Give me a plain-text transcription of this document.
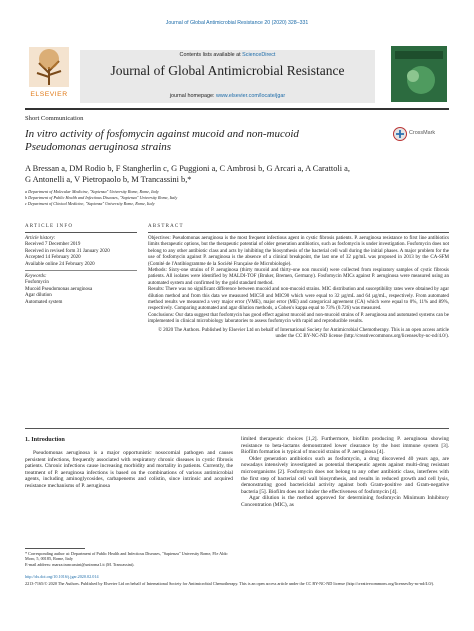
Journal of Global Antimicrobial Resistance 20 (2020) 328–331
Contents lists available at ScienceDirect
Journal of Global Antimicrobial Resistance
journal homepage: www.elsevier.com/locate/jgar
ELSEVIER
Short Communication
In vitro activity of fosfomycin against mucoid and non-mucoid Pseudomonas aeruginosa strains
CrossMark
A Bressan a, DM Rodio b, F Stangherlin c, G Puggioni a, C Ambrosi b, G Arcari a, A Carattoli a,
G Antonelli a, V Pietropaolo b, M Trancassini b,*
a Department of Molecular Medicine, "Sapienza" University Rome, Rome, Italy
b Department of Public Health and Infectious Diseases, "Sapienza" University Rome, Italy
c Department of Clinical Medicine, "Sapienza" University Rome, Rome, Italy
ARTICLE INFO	ABSTRACT
Article history:
Received 7 December 2019
Received in revised form 31 January 2020
Accepted 14 February 2020
Available online 24 February 2020
Keywords:
Fosfomycin
Mucoid Pseudomonas aeruginosa
Agar dilution
Automated system

Objectives: Pseudomonas aeruginosa is the most frequent infectious agent in cystic fibrosis patients. P. aeruginosa resistance to first line antibiotics limits therapeutic options, but the therapeutic potential of older generation antibiotics, such as fosfomycin is under investigation. Fosfomycin does not belong to any other antibiotic class and acts by inhibiting the biosynthesis of the bacterial cell wall during the initial phases. A major problem for the use of fosfomycin against P. aeruginosa is the absence of a clinical breakpoint, the last one of 32 µg/mL was proposed in 2013 by the CA-SFM (Comité de l'Antibiogramme de la Société Française de Microbiologie).

Methods: Sixty-one strains of P. aeruginosa (thirty mucoid and thirty-one non mucoid) were collected from respiratory samples of cystic fibrosis patients. All isolates were identified by MALDI-TOF (Bruker, Bremen, Germany). Fosfomycin MICs against P. aeruginosa were measured using an automated system and confirmed by the gold standard method.

Results: There was no significant difference between mucoid and non-mucoid strains. MIC distribution and susceptibility rates were obtained by agar dilution method and from this data we measured MIC50 and MIC90 which were equal to 32 µg/mL and 64 µg/mL, respectively. From automated method results we measured a very major error (VME), major error (ME) and categorical agreement (CA) which were equal to 0%, 11% and 89%, respectively. Comparing automated and agar dilution methods, a Cohen's kappa equal to 73% (0.726) was measured.

Conclusions: Our data suggest that fosfomycin has good effect against mucoid and non-mucoid strains of P. aeruginosa and automated systems can be implemented in clinical microbiology laboratories to assess fosfomycin with rapid and reproducible results.

© 2020 The Authors. Published by Elsevier Ltd on behalf of International Society for Antimicrobial Chemotherapy. This is an open access article under the CC BY-NC-ND license (http://creativecommons.org/licenses/by-nc-nd/4.0/).

1. Introduction
Pseudomonas aeruginosa is a major opportunistic nosocomial pathogen and causes persistent infections, frequently associated with respiratory chronic diseases in cystic fibrosis patients. Chronic infections cause increasing morbidity and mortality in patients. Currently, the treatment of P. aeruginosa infections is based on the combinations of various antimicrobial agents, including aminoglycosides, carbapenems and colistin, since intrinsic and acquired resistance mechanisms of P. aeruginosa

limited therapeutic choices [1,2]. Furthermore, biofilm producing P. aeruginosa showing resistance to beta-lactams demonstrated lower clearance by the host immune system [3]. Biofilm formation is typical of mucoid strains of P. aeruginosa [4].

Older generation antibiotics such as fosfomycin, a drug discovered 40 years ago, are nowadays intensively investigated as potential therapeutic agents against multi-drug resistant microorganisms [2]. Fosfomycin does not belong to any other antibiotic class, interferes with the first step of bacterial cell wall biosynthesis, and results in reduced growth and cell lysis, demonstrating good bactericidal activity against both Gram-positive and Gram-negative bacteria [5]. Biofilm does not hinder the effectiveness of fosfomycin [4].

Agar dilution is the method approved for determining fosfomycin Minimum Inhibitory Concentration (MIC), as

* Corresponding author at: Department of Public Health and Infectious Diseases, "Sapienza" University Rome, P.le Aldo Moro, 5, 00185, Rome, Italy
E-mail address: marza.trancassini@uniroma1.it (M. Trancassini).
http://dx.doi.org/10.1016/j.jgar.2020.02.014
2213-7165/© 2020 The Authors. Published by Elsevier Ltd on behalf of International Society for Antimicrobial Chemotherapy. This is an open access article under the CC BY-NC-ND license (http://creativecommons.org/licenses/by-nc-nd/4.0/).
